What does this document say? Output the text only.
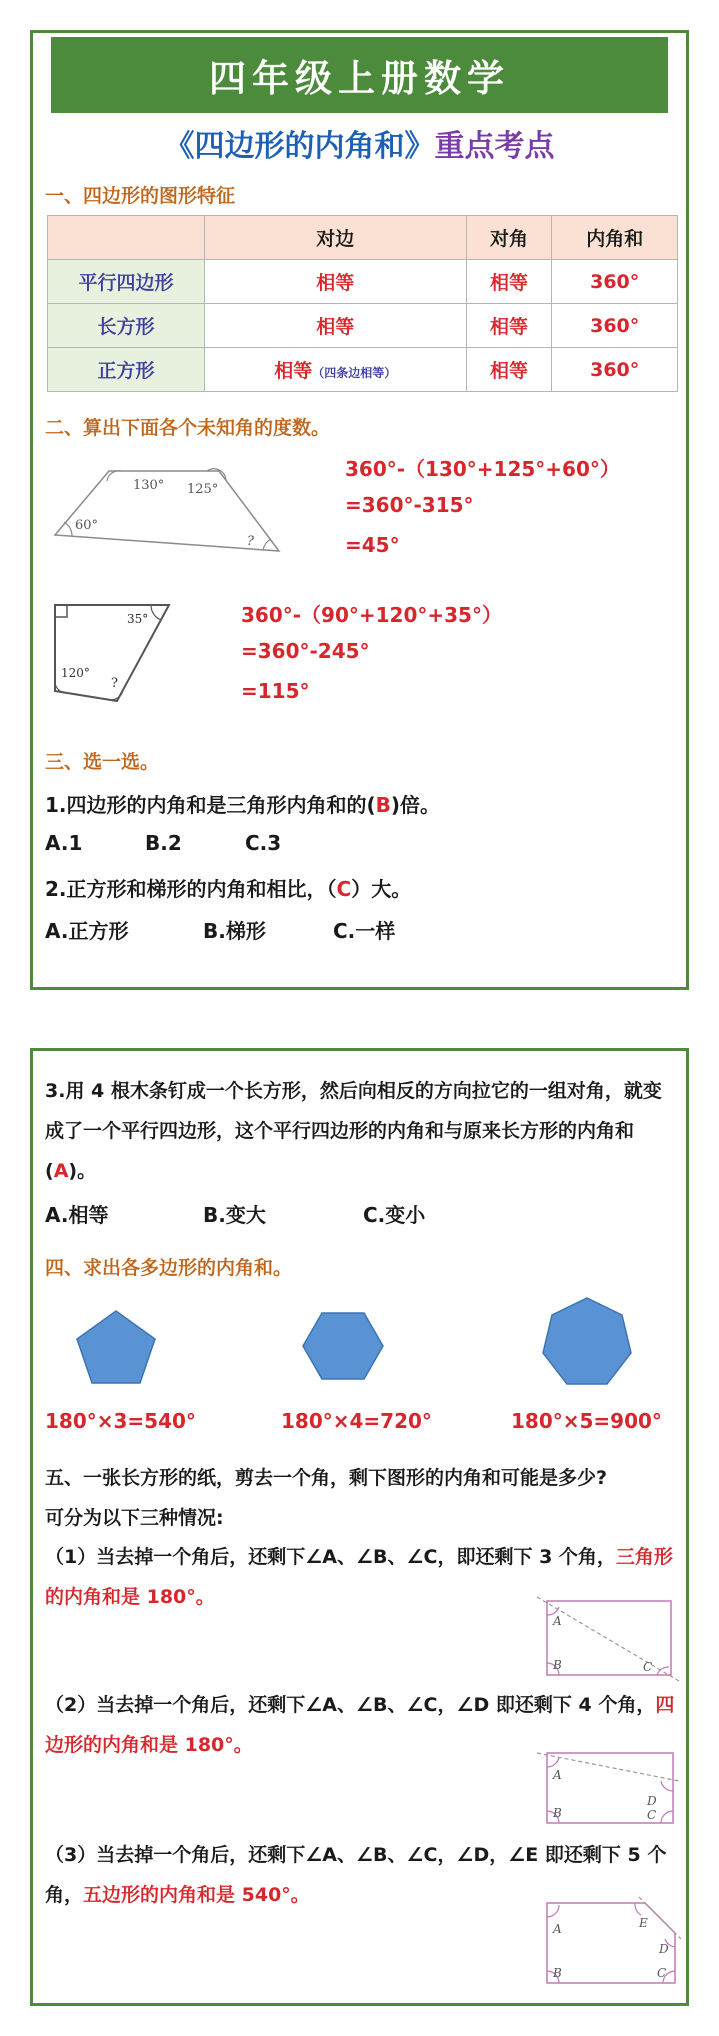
四年级上册数学
《四边形的内角和》重点考点
一、四边形的图形特征
	对边	对角	内角和
平行四边形	相等	相等	360°
长方形	相等	相等	360°
正方形	相等（四条边相等）	相等	360°
二、算出下面各个未知角的度数。
130° 125°
60°
?
360°-（130°+125°+60°）
=360°-315°
=45°
35°
120°
?
360°-（90°+120°+35°）
=360°-245°
=115°
三、选一选。
1.四边形的内角和是三角形内角和的(B)倍。
A.1	B.2	C.3
2.正方形和梯形的内角和相比，（C）大。
A.正方形	B.梯形	C.一样
3.用 4 根木条钉成一个长方形，然后向相反的方向拉它的一组对角，就变成了一个平行四边形，这个平行四边形的内角和与原来长方形的内角和(A)。
A.相等	B.变大	C.变小
四、求出各多边形的内角和。
180°×3=540°	180°×4=720°	180°×5=900°
五、一张长方形的纸，剪去一个角，剩下图形的内角和可能是多少?
可分为以下三种情况:
（1）当去掉一个角后，还剩下∠A、∠B、∠C，即还剩下 3 个角，三角形的内角和是 180°。
A
B	C
（2）当去掉一个角后，还剩下∠A、∠B、∠C，∠D 即还剩下 4 个角，四边形的内角和是 180°。
A
B	C
D
（3）当去掉一个角后，还剩下∠A、∠B、∠C，∠D，∠E 即还剩下 5 个角，五边形的内角和是 540°。
A
B	C
D
E
